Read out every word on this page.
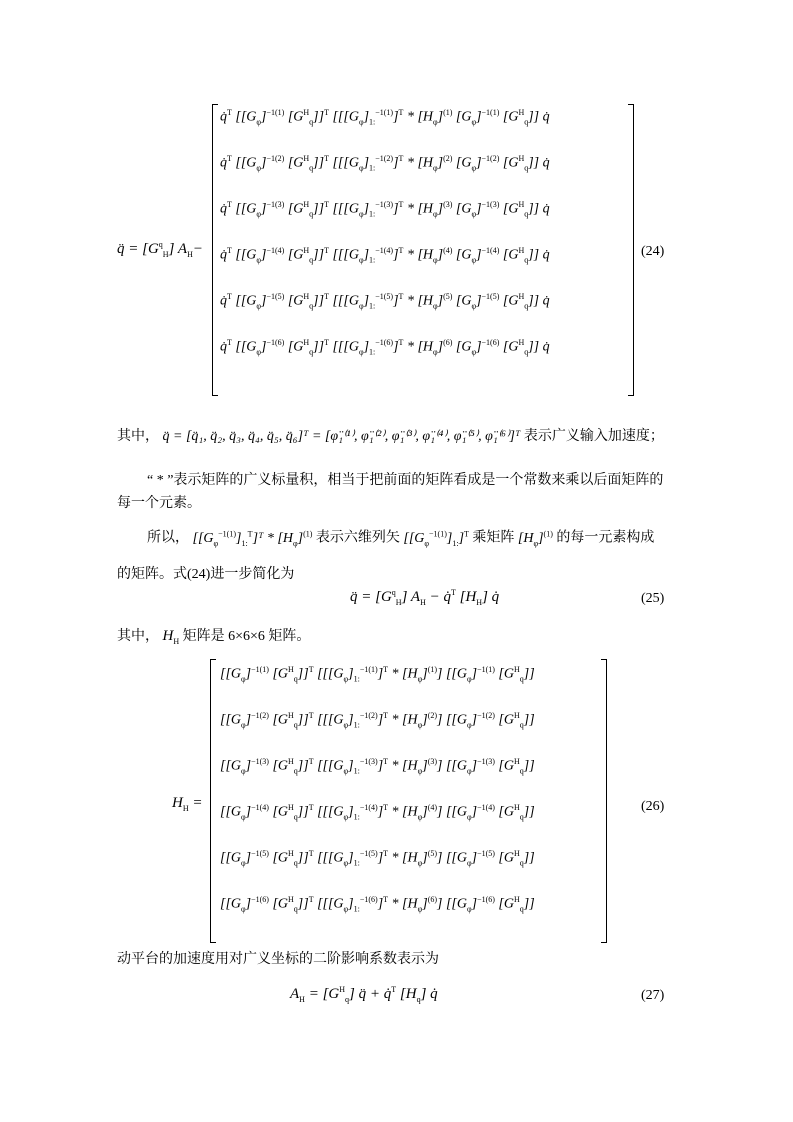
q̈ = $[G^q_H]$ $A_H-$
q̇$^T$ [$[G_\varphi]^{-1(1)}$ $[G^H_q]]^T$ [$[[G_\varphi]_{1:}^{-1(1)}]^T * [H_\varphi]^{(1)}$ $[G_\varphi]^{-1(1)}$ $[G^H_q]$] q̇
q̇$^T$ [$[G_\varphi]^{-1(2)}$ $[G^H_q]]^T$ [$[[G_\varphi]_{1:}^{-1(2)}]^T * [H_\varphi]^{(2)}$ $[G_\varphi]^{-1(2)}$ $[G^H_q]$] q̇
q̇$^T$ [$[G_\varphi]^{-1(3)}$ $[G^H_q]]^T$ [$[[G_\varphi]_{1:}^{-1(3)}]^T * [H_\varphi]^{(3)}$ $[G_\varphi]^{-1(3)}$ $[G^H_q]$] q̇
q̇$^T$ [$[G_\varphi]^{-1(4)}$ $[G^H_q]]^T$ [$[[G_\varphi]_{1:}^{-1(4)}]^T * [H_\varphi]^{(4)}$ $[G_\varphi]^{-1(4)}$ $[G^H_q]$] q̇
q̇$^T$ [$[G_\varphi]^{-1(5)}$ $[G^H_q]]^T$ [$[[G_\varphi]_{1:}^{-1(5)}]^T * [H_\varphi]^{(5)}$ $[G_\varphi]^{-1(5)}$ $[G^H_q]$] q̇
q̇$^T$ [$[G_\varphi]^{-1(6)}$ $[G^H_q]]^T$ [$[[G_\varphi]_{1:}^{-1(6)}]^T * [H_\varphi]^{(6)}$ $[G_\varphi]^{-1(6)}$ $[G^H_q]$] q̇
(24)
其中， q̈ = [q̈₁, q̈₂, q̈₃, q̈₄, q̈₅, q̈₆]ᵀ = [φ̈₁⁽¹⁾, φ̈₁⁽²⁾, φ̈₁⁽³⁾, φ̈₁⁽⁴⁾, φ̈₁⁽⁵⁾, φ̈₁⁽⁶⁾]ᵀ 表示广义输入加速度；
“ * ”表示矩阵的广义标量积，相当于把前面的矩阵看成是一个常数来乘以后面矩阵的
每一个元素。
所以， $[[G_\varphi^{-1(1)}]_{1:}^T]ᵀ * [H_\varphi]^{(1)}$ 表示六维列矢 $[[G_\varphi^{-1(1)}]_{1:}]^T$ 乘矩阵 $[H_\varphi]^{(1)}$ 的每一元素构成
的矩阵。式(24)进一步简化为
q̈ = $[G^q_H] A_H$ − q̇$^T$ $[H_H]$ q̇	(25)
其中， $H_H$ 矩阵是 6×6×6 矩阵。
$H_H$ =
[$[G_\varphi]^{-1(1)}$ $[G^H_q]]^T$ $[[[G_\varphi]_{1:}^{-1(1)}]^T * [H_\varphi]^{(1)}]$ [$[G_\varphi]^{-1(1)}$ $[G^H_q]$]
[$[G_\varphi]^{-1(2)}$ $[G^H_q]]^T$ $[[[G_\varphi]_{1:}^{-1(2)}]^T * [H_\varphi]^{(2)}]$ [$[G_\varphi]^{-1(2)}$ $[G^H_q]$]
[$[G_\varphi]^{-1(3)}$ $[G^H_q]]^T$ $[[[G_\varphi]_{1:}^{-1(3)}]^T * [H_\varphi]^{(3)}]$ [$[G_\varphi]^{-1(3)}$ $[G^H_q]$]
[$[G_\varphi]^{-1(4)}$ $[G^H_q]]^T$ $[[[G_\varphi]_{1:}^{-1(4)}]^T * [H_\varphi]^{(4)}]$ [$[G_\varphi]^{-1(4)}$ $[G^H_q]$]
[$[G_\varphi]^{-1(5)}$ $[G^H_q]]^T$ $[[[G_\varphi]_{1:}^{-1(5)}]^T * [H_\varphi]^{(5)}]$ [$[G_\varphi]^{-1(5)}$ $[G^H_q]$]
[$[G_\varphi]^{-1(6)}$ $[G^H_q]]^T$ $[[[G_\varphi]_{1:}^{-1(6)}]^T * [H_\varphi]^{(6)}]$ [$[G_\varphi]^{-1(6)}$ $[G^H_q]$]
(26)
动平台的加速度用对广义坐标的二阶影响系数表示为
$A_H = [G^H_q]$ q̈ + q̇$^T$ $[H_q]$ q̇	(27)
